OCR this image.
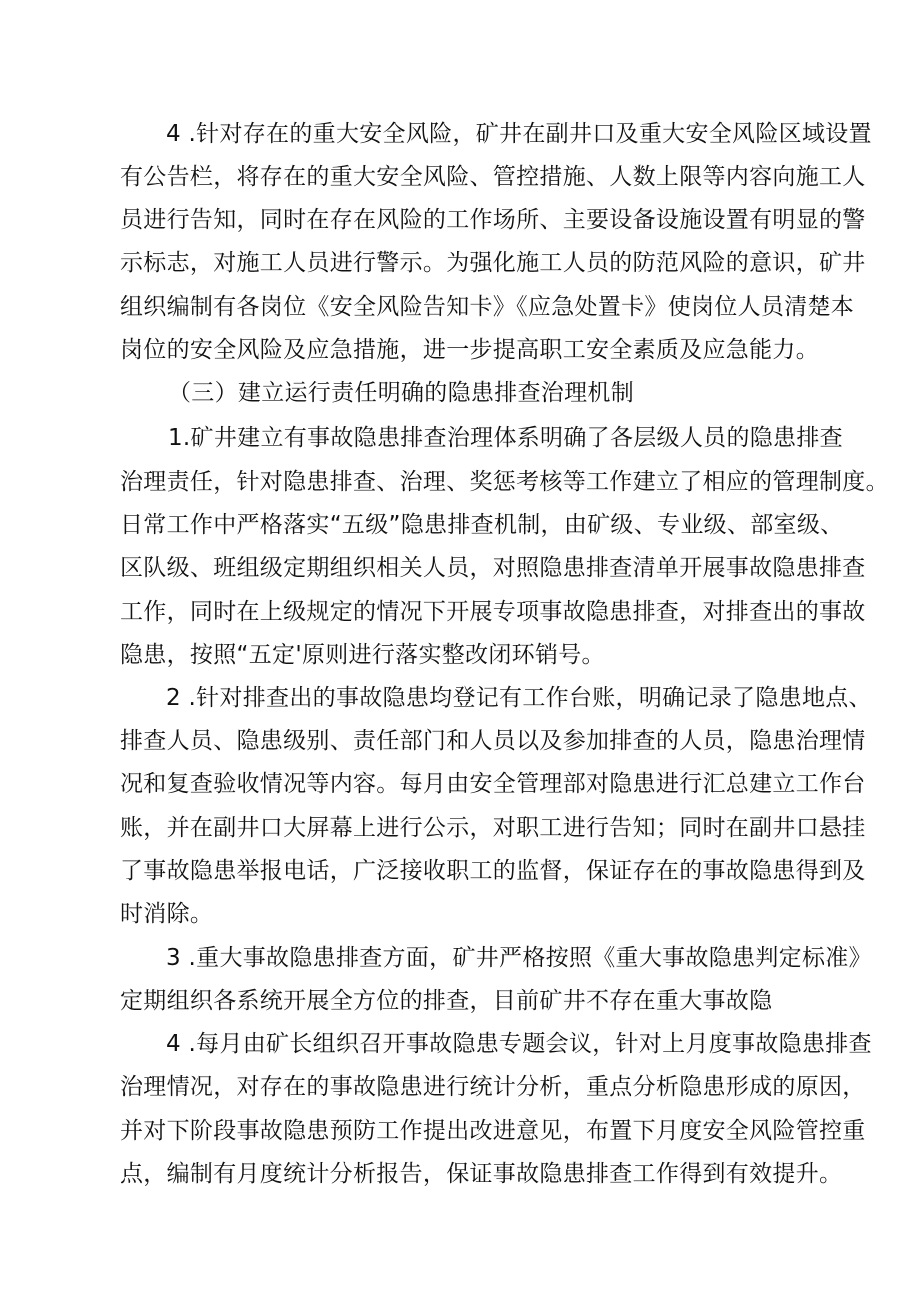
4 .针对存在的重大安全风险，矿井在副井口及重大安全风险区域设置
有公告栏，将存在的重大安全风险、管控措施、人数上限等内容向施工人
员进行告知，同时在存在风险的工作场所、主要设备设施设置有明显的警
示标志，对施工人员进行警示。为强化施工人员的防范风险的意识，矿井
组织编制有各岗位《安全风险告知卡》《应急处置卡》使岗位人员清楚本
岗位的安全风险及应急措施，进一步提高职工安全素质及应急能力。
（三）建立运行责任明确的隐患排查治理机制
1.矿井建立有事故隐患排查治理体系明确了各层级人员的隐患排查
治理责任，针对隐患排查、治理、奖惩考核等工作建立了相应的管理制度。
日常工作中严格落实“五级”隐患排查机制，由矿级、专业级、部室级、
区队级、班组级定期组织相关人员，对照隐患排查清单开展事故隐患排查
工作，同时在上级规定的情况下开展专项事故隐患排查，对排查出的事故
隐患，按照“五定'原则进行落实整改闭环销号。
2 .针对排查出的事故隐患均登记有工作台账，明确记录了隐患地点、
排查人员、隐患级别、责任部门和人员以及参加排查的人员，隐患治理情
况和复查验收情况等内容。每月由安全管理部对隐患进行汇总建立工作台
账，并在副井口大屏幕上进行公示，对职工进行告知；同时在副井口悬挂
了事故隐患举报电话，广泛接收职工的监督，保证存在的事故隐患得到及
时消除。
3 .重大事故隐患排查方面，矿井严格按照《重大事故隐患判定标准》
定期组织各系统开展全方位的排查，目前矿井不存在重大事故隐
4 .每月由矿长组织召开事故隐患专题会议，针对上月度事故隐患排查
治理情况，对存在的事故隐患进行统计分析，重点分析隐患形成的原因，
并对下阶段事故隐患预防工作提出改进意见，布置下月度安全风险管控重
点，编制有月度统计分析报告，保证事故隐患排查工作得到有效提升。
